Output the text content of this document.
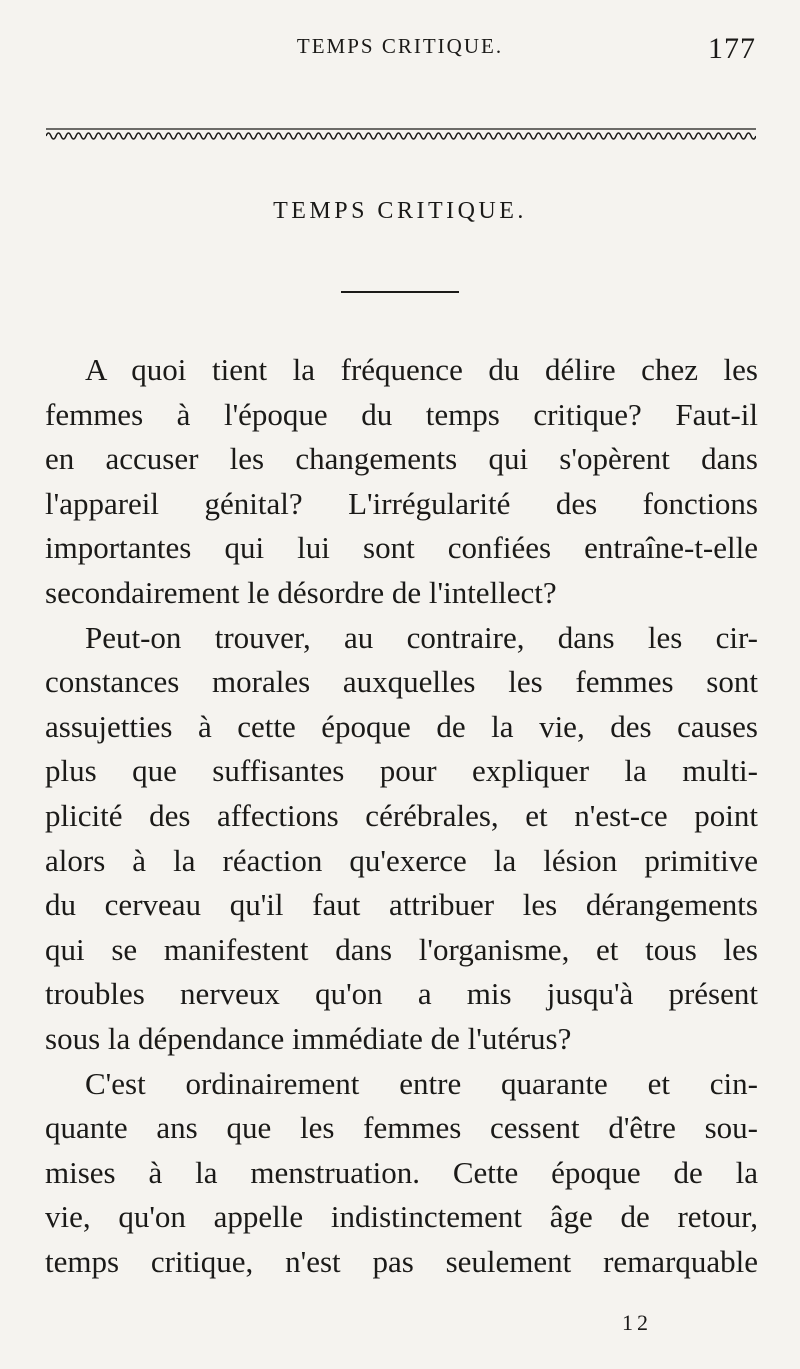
TEMPS CRITIQUE.	177
TEMPS CRITIQUE.
A quoi tient la fréquence du délire chez les
femmes à l'époque du temps critique? Faut-il
en accuser les changements qui s'opèrent dans
l'appareil génital? L'irrégularité des fonctions
importantes qui lui sont confiées entraîne-t-elle
secondairement le désordre de l'intellect?
Peut-on trouver, au contraire, dans les cir-
constances morales auxquelles les femmes sont
assujetties à cette époque de la vie, des causes
plus que suffisantes pour expliquer la multi-
plicité des affections cérébrales, et n'est-ce point
alors à la réaction qu'exerce la lésion primitive
du cerveau qu'il faut attribuer les dérangements
qui se manifestent dans l'organisme, et tous les
troubles nerveux qu'on a mis jusqu'à présent
sous la dépendance immédiate de l'utérus?
C'est ordinairement entre quarante et cin-
quante ans que les femmes cessent d'être sou-
mises à la menstruation. Cette époque de la
vie, qu'on appelle indistinctement âge de retour,
temps critique, n'est pas seulement remarquable
12
